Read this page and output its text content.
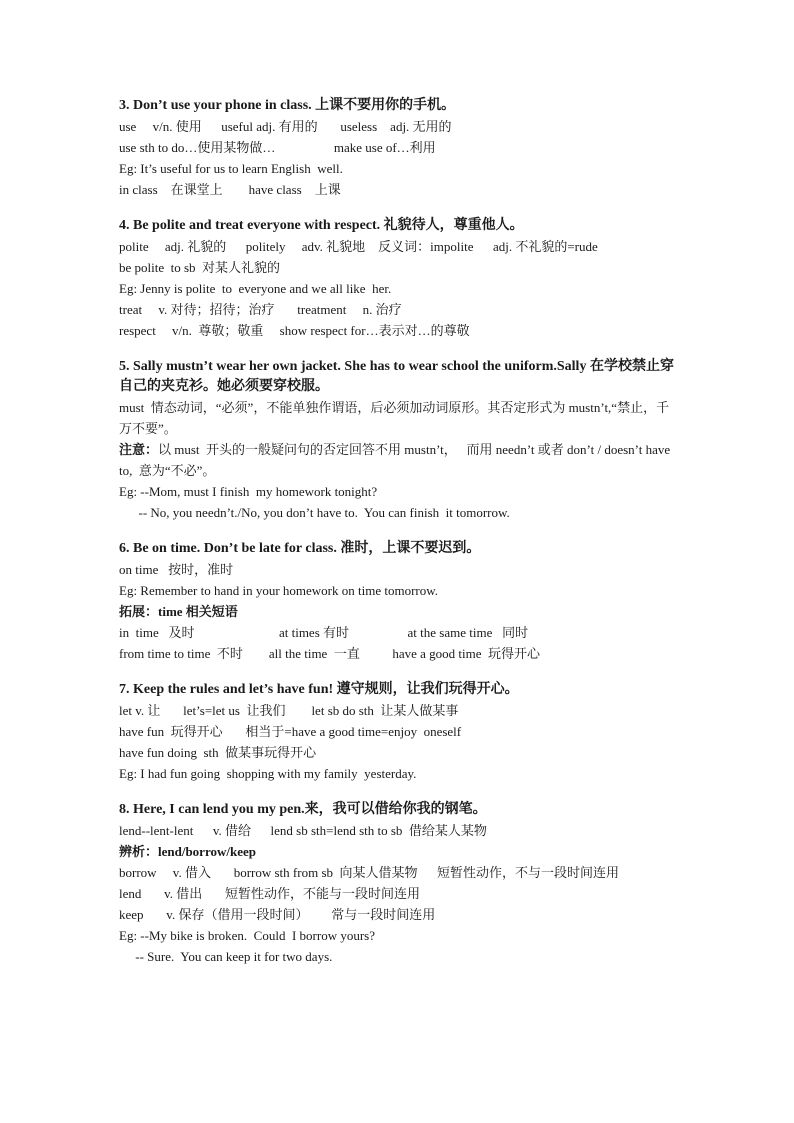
3. Don’t use your phone in class. 上课不要用你的手机。
use     v/n. 使用      useful adj. 有用的       useless    adj. 无用的
use sth to do…使用某物做…                  make use of…利用
Eg: It’s useful for us to learn English  well.
in class    在课堂上        have class    上课
4. Be polite and treat everyone with respect. 礼貌待人，尊重他人。
polite     adj. 礼貌的      politely     adv. 礼貌地    反义词：impolite      adj. 不礼貌的=rude
be polite  to sb  对某人礼貌的
Eg: Jenny is polite  to  everyone and we all like  her.
treat     v. 对待；招待；治疗       treatment     n. 治疗
respect     v/n.  尊敬；敬重     show respect for…表示对…的尊敬
5. Sally mustn’t wear her own jacket. She has to wear school the uniform.Sally 在学校禁止穿自己的夹克衫。她必须要穿校服。
must  情态动词，“必须”，不能单独作谓语，后必须加动词原形。其否定形式为 mustn’t,“禁止，千万不要”。
注意：以 must  开头的一般疑问句的否定回答不用 mustn’t，   而用 needn’t 或者 don’t / doesn’t have to,  意为“不必”。
Eg: --Mom, must I finish  my homework tonight?
-- No, you needn’t./No, you don’t have to.  You can finish  it tomorrow.
6. Be on time. Don’t be late for class. 准时，上课不要迟到。
on time   按时，准时
Eg: Remember to hand in your homework on time tomorrow.
拓展：time 相关短语
in  time   及时                          at times 有时                  at the same time   同时
from time to time  不时        all the time  一直          have a good time  玩得开心
7. Keep the rules and let’s have fun! 遵守规则，让我们玩得开心。
let v. 让       let’s=let us  让我们        let sb do sth  让某人做某事
have fun  玩得开心       相当于=have a good time=enjoy  oneself
have fun doing  sth  做某事玩得开心
Eg: I had fun going  shopping with my family  yesterday.
8. Here, I can lend you my pen.来，我可以借给你我的钢笔。
lend--lent-lent      v. 借给      lend sb sth=lend sth to sb  借给某人某物
辨析：lend/borrow/keep
borrow     v. 借入       borrow sth from sb  向某人借某物      短暂性动作，不与一段时间连用
lend       v. 借出       短暂性动作，不能与一段时间连用
keep       v. 保存（借用一段时间）       常与一段时间连用
Eg: --My bike is broken.  Could  I borrow yours?
-- Sure.  You can keep it for two days.
